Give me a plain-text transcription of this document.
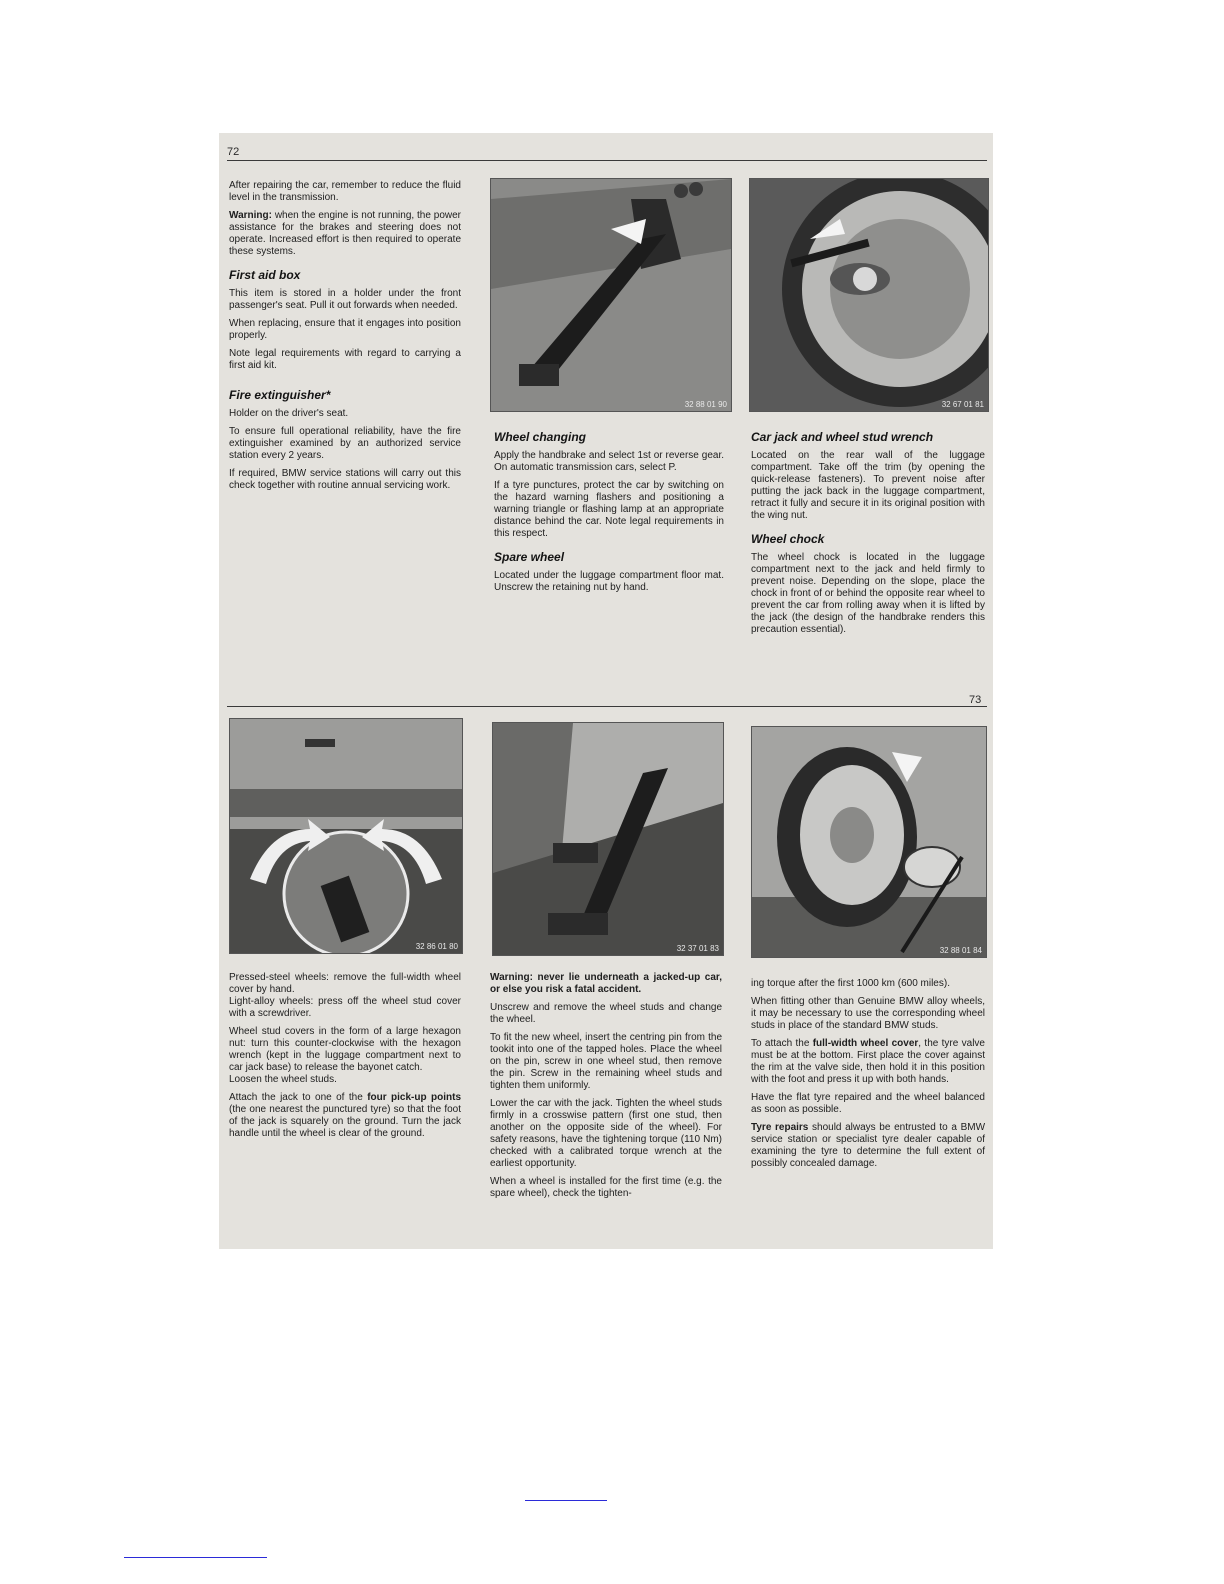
72

After repairing the car, remember to reduce the fluid level in the transmission.

Warning: when the engine is not running, the power assistance for the brakes and steering does not operate. Increased effort is then required to operate these systems.

First aid box

This item is stored in a holder under the front passenger's seat. Pull it out forwards when needed.

When replacing, ensure that it engages into position properly.

Note legal requirements with regard to carrying a first aid kit.

Fire extinguisher*

Holder on the driver's seat.

To ensure full operational reliability, have the fire extinguisher examined by an authorized service station every 2 years.

If required, BMW service stations will carry out this check together with routine annual servicing work.

32 88 01 90
Wheel changing

Apply the handbrake and select 1st or reverse gear. On automatic transmission cars, select P.

If a tyre punctures, protect the car by switching on the hazard warning flashers and positioning a warning triangle or flashing lamp at an appropriate distance behind the car. Note legal requirements in this respect.

Spare wheel

Located under the luggage compartment floor mat. Unscrew the retaining nut by hand.

32 67 01 81
Car jack and wheel stud wrench

Located on the rear wall of the luggage compartment. Take off the trim (by opening the quick-release fasteners). To prevent noise after putting the jack back in the luggage compartment, retract it fully and secure it in its original position with the wing nut.

Wheel chock

The wheel chock is located in the luggage compartment next to the jack and held firmly to prevent noise. Depending on the slope, place the chock in front of or behind the opposite rear wheel to prevent the car from rolling away when it is lifted by the jack (the design of the handbrake renders this precaution essential).

73
32 86 01 80

Pressed-steel wheels: remove the full-width wheel cover by hand.

Light-alloy wheels: press off the wheel stud cover with a screwdriver.

Wheel stud covers in the form of a large hexagon nut: turn this counter-clockwise with the hexagon wrench (kept in the luggage compartment next to car jack base) to release the bayonet catch.

Loosen the wheel studs.

Attach the jack to one of the four pick-up points (the one nearest the punctured tyre) so that the foot of the jack is squarely on the ground. Turn the jack handle until the wheel is clear of the ground.

32 37 01 83

Warning: never lie underneath a jacked-up car, or else you risk a fatal accident.

Unscrew and remove the wheel studs and change the wheel.

To fit the new wheel, insert the centring pin from the tookit into one of the tapped holes. Place the wheel on the pin, screw in one wheel stud, then remove the pin. Screw in the remaining wheel studs and tighten them uniformly.

Lower the car with the jack. Tighten the wheel studs firmly in a crosswise pattern (first one stud, then another on the opposite side of the wheel). For safety reasons, have the tightening torque (110 Nm) checked with a calibrated torque wrench at the earliest opportunity.

When a wheel is installed for the first time (e.g. the spare wheel), check the tighten-

32 88 01 84

ing torque after the first 1000 km (600 miles).

When fitting other than Genuine BMW alloy wheels, it may be necessary to use the corresponding wheel studs in place of the standard BMW studs.

To attach the full-width wheel cover, the tyre valve must be at the bottom. First place the cover against the rim at the valve side, then hold it in this position with the foot and press it up with both hands.

Have the flat tyre repaired and the wheel balanced as soon as possible.

Tyre repairs should always be entrusted to a BMW service station or specialist tyre dealer capable of examining the tyre to determine the full extent of possibly concealed damage.
